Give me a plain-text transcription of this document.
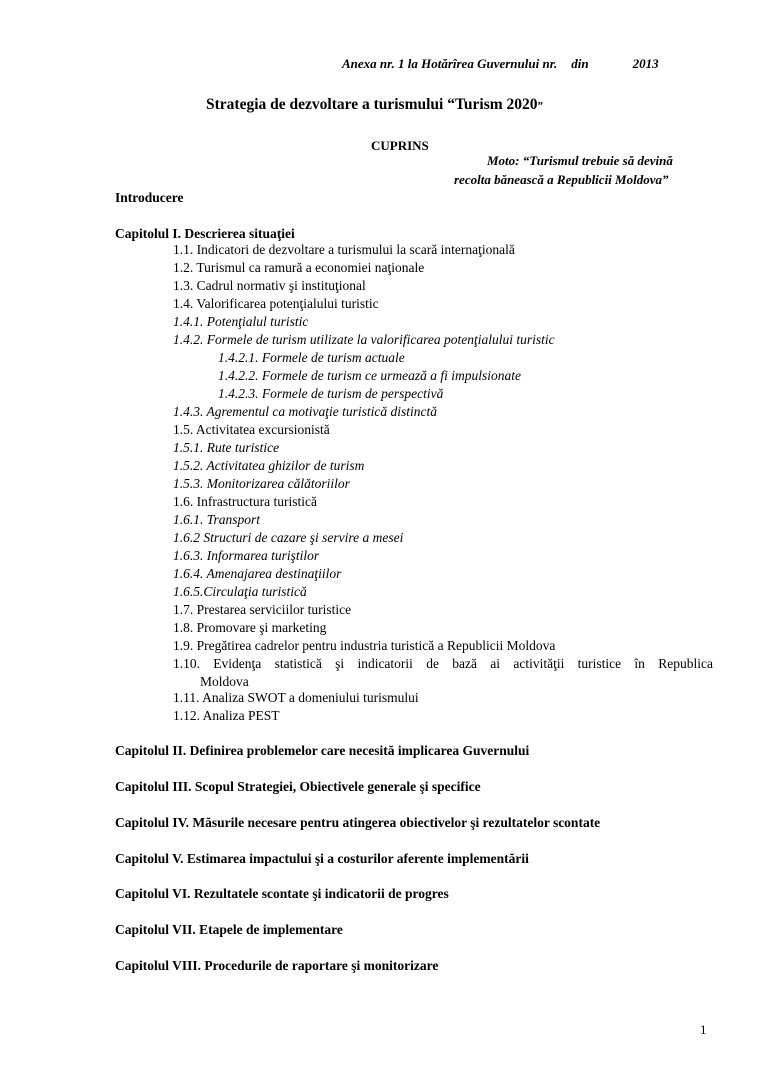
Anexa nr. 1 la Hotărîrea Guvernului nr. din	2013
Strategia de dezvoltare a turismului “Turism 2020”
CUPRINS
Moto: “Turismul trebuie să devină
recolta bănească a Republicii Moldova”
Introducere
Capitolul I. Descrierea situaţiei
1.1. Indicatori de dezvoltare a turismului la scară internaţională
1.2. Turismul ca ramură a economiei naţionale
1.3. Cadrul normativ şi instituţional
1.4. Valorificarea potenţialului turistic
1.4.1. Potenţialul turistic
1.4.2. Formele de turism utilizate la valorificarea potenţialului turistic
1.4.2.1. Formele de turism actuale
1.4.2.2. Formele de turism ce urmează a fi impulsionate
1.4.2.3. Formele de turism de perspectivă
1.4.3. Agrementul ca motivaţie turistică distinctă
1.5. Activitatea excursionistă
1.5.1. Rute turistice
1.5.2. Activitatea ghizilor de turism
1.5.3. Monitorizarea călătoriilor
1.6. Infrastructura turistică
1.6.1. Transport
1.6.2 Structuri de cazare şi servire a mesei
1.6.3. Informarea turiştilor
1.6.4. Amenajarea destinaţiilor
1.6.5.Circulaţia turistică
1.7. Prestarea serviciilor turistice
1.8. Promovare şi marketing
1.9. Pregătirea cadrelor pentru industria turistică a Republicii Moldova
1.10. Evidenţa statistică şi indicatorii de bază ai activităţii turistice în Republica
Moldova
1.11. Analiza SWOT a domeniului turismului
1.12. Analiza PEST
Capitolul II. Definirea problemelor care necesită implicarea Guvernului
Capitolul III. Scopul Strategiei, Obiectivele generale şi specifice
Capitolul IV. Măsurile necesare pentru atingerea obiectivelor şi rezultatelor scontate
Capitolul V. Estimarea impactului şi a costurilor aferente implementării
Capitolul VI. Rezultatele scontate şi indicatorii de progres
Capitolul VII. Etapele de implementare
Capitolul VIII. Procedurile de raportare şi monitorizare
1
